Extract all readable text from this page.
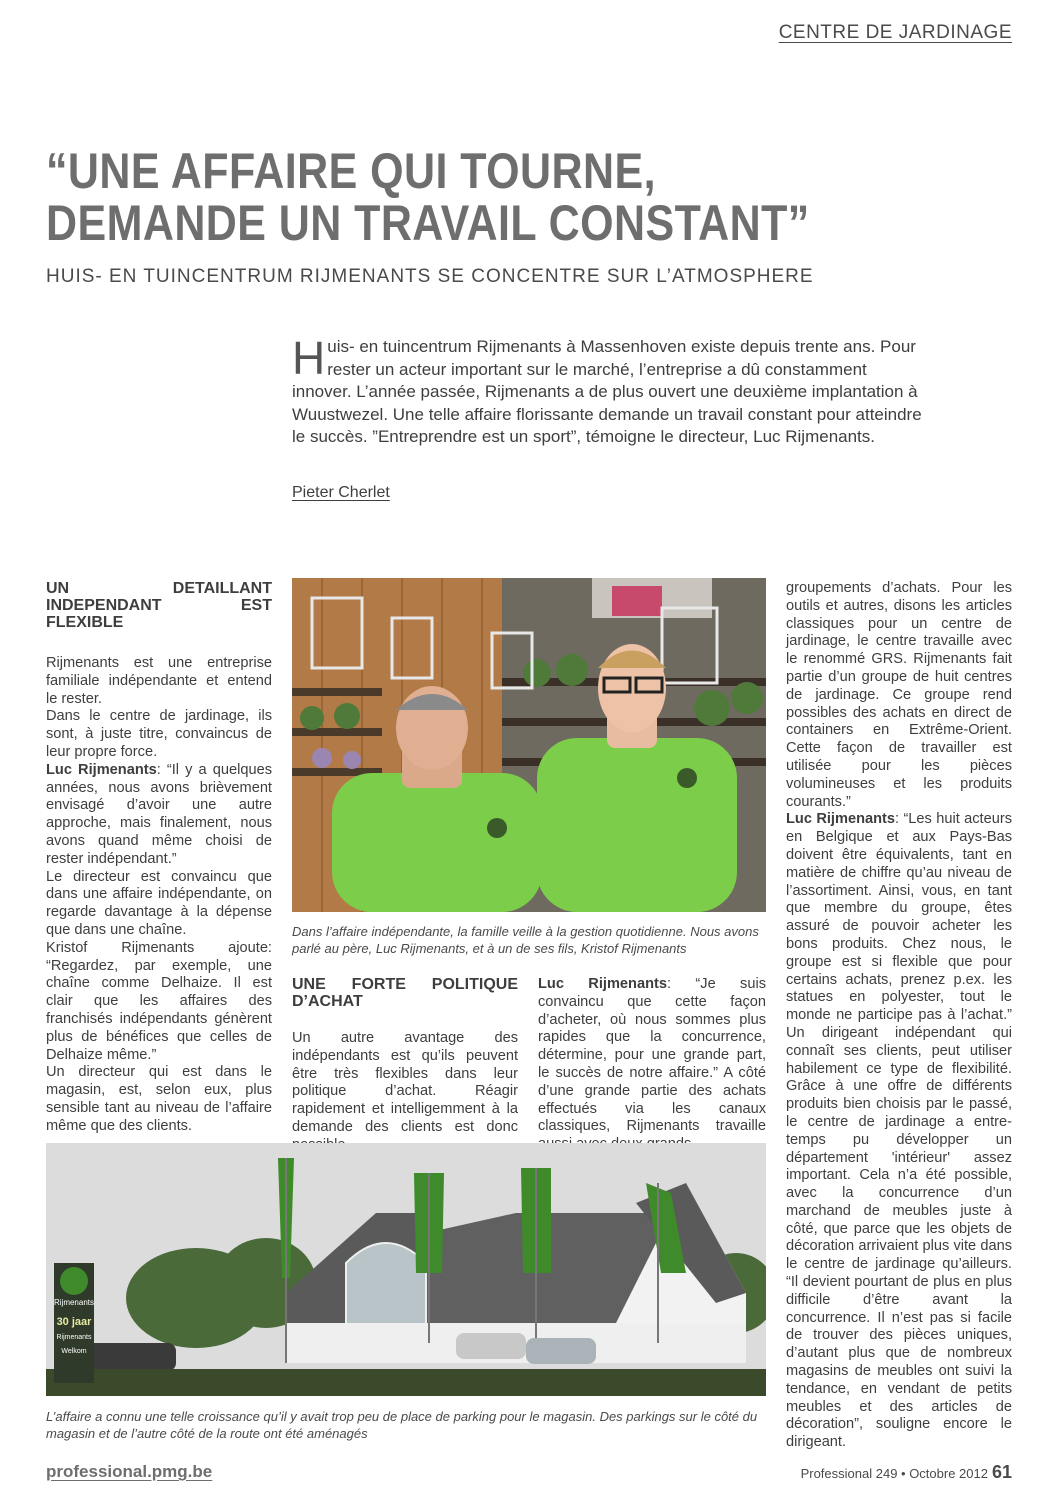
CENTRE DE JARDINAGE
“UNE AFFAIRE QUI TOURNE,
DEMANDE UN TRAVAIL CONSTANT”
HUIS- EN TUINCENTRUM RIJMENANTS SE CONCENTRE SUR L’ATMOSPHERE
Huis- en tuincentrum Rijmenants à Massenhoven existe depuis trente ans. Pour rester un acteur important sur le marché, l’entreprise a dû constamment innover. L’année passée, Rijmenants a de plus ouvert une deuxième implantation à Wuustwezel. Une telle affaire florissante demande un travail constant pour atteindre le succès. ”Entreprendre est un sport”, témoigne le directeur, Luc Rijmenants.
Pieter Cherlet
UN DETAILLANT INDEPENDANT EST FLEXIBLE

Rijmenants est une entreprise familiale indépendante et entend le rester.

Dans le centre de jardinage, ils sont, à juste titre, convaincus de leur propre force.

Luc Rijmenants: “Il y a quelques années, nous avons brièvement envisagé d’avoir une autre approche, mais finalement, nous avons quand même choisi de rester indépendant.”

Le directeur est convaincu que dans une affaire indépendante, on regarde davantage à la dépense que dans une chaîne.

Kristof Rijmenants ajoute: “Regardez, par exemple, une chaîne comme Delhaize. Il est clair que les affaires des franchisés indépendants génèrent plus de bénéfices que celles de Delhaize même.”

Un directeur qui est dans le magasin, est, selon eux, plus sensible tant au niveau de l’affaire même que des clients.

Dans l’affaire indépendante, la famille veille à la gestion quotidienne. Nous avons parlé au père, Luc Rijmenants, et à un de ses fils, Kristof Rijmenants
UNE FORTE POLITIQUE D’ACHAT

Un autre avantage des indépendants est qu’ils peuvent être très flexibles dans leur politique d’achat. Réagir rapidement et intelligemment à la demande des clients est donc

Luc Rijmenants: “Je suis convaincu que cette façon d’acheter, où nous sommes plus rapides que la concurrence, détermine, pour une grande part, le succès de notre affaire.” A côté d’une grande partie des achats effectués via les canaux classiques, Rijmenants travaille

groupements d’achats. Pour les outils et autres, disons les articles classiques pour un centre de jardinage, le centre travaille avec le renommé GRS. Rijmenants fait partie d’un groupe de huit centres de jardinage. Ce groupe rend possibles des achats en direct de containers en Extrême-Orient. Cette façon de travailler est utilisée pour les pièces volumineuses et les produits courants.”

Luc Rijmenants: “Les huit acteurs en Belgique et aux Pays-Bas doivent être équivalents, tant en matière de chiffre qu’au niveau de l’assortiment. Ainsi, vous, en tant que membre du groupe, êtes assuré de pouvoir acheter les bons produits. Chez nous, le groupe est si flexible que pour certains achats, prenez p.ex. les statues en polyester, tout le monde ne participe pas à l’achat.” Un dirigeant indépendant qui connaît ses clients, peut utiliser habilement ce type de flexibilité. Grâce à une offre de différents produits bien choisis par le passé, le centre de jardinage a entre-temps pu développer un département 'intérieur' assez important. Cela n’a été possible, avec la concurrence d’un marchand de meubles juste à côté, que parce que les objets de décoration arrivaient plus vite dans le centre de jardinage qu’ailleurs. “Il devient pourtant de plus en plus difficile d’être avant la concurrence. Il n’est pas si facile de trouver des pièces uniques, d’autant plus que de nombreux magasins de meubles ont suivi la tendance, en vendant de petits meubles et des articles de décoration”, souligne encore le dirigeant.

Rijmenants
30 jaar
Rijmenants
Welkom
L’affaire a connu une telle croissance qu’il y avait trop peu de place de parking pour le magasin. Des parkings sur le côté du magasin et de l’autre côté de la route ont été aménagés
professional.pmg.be	Professional 249 • Octobre 2012 61
